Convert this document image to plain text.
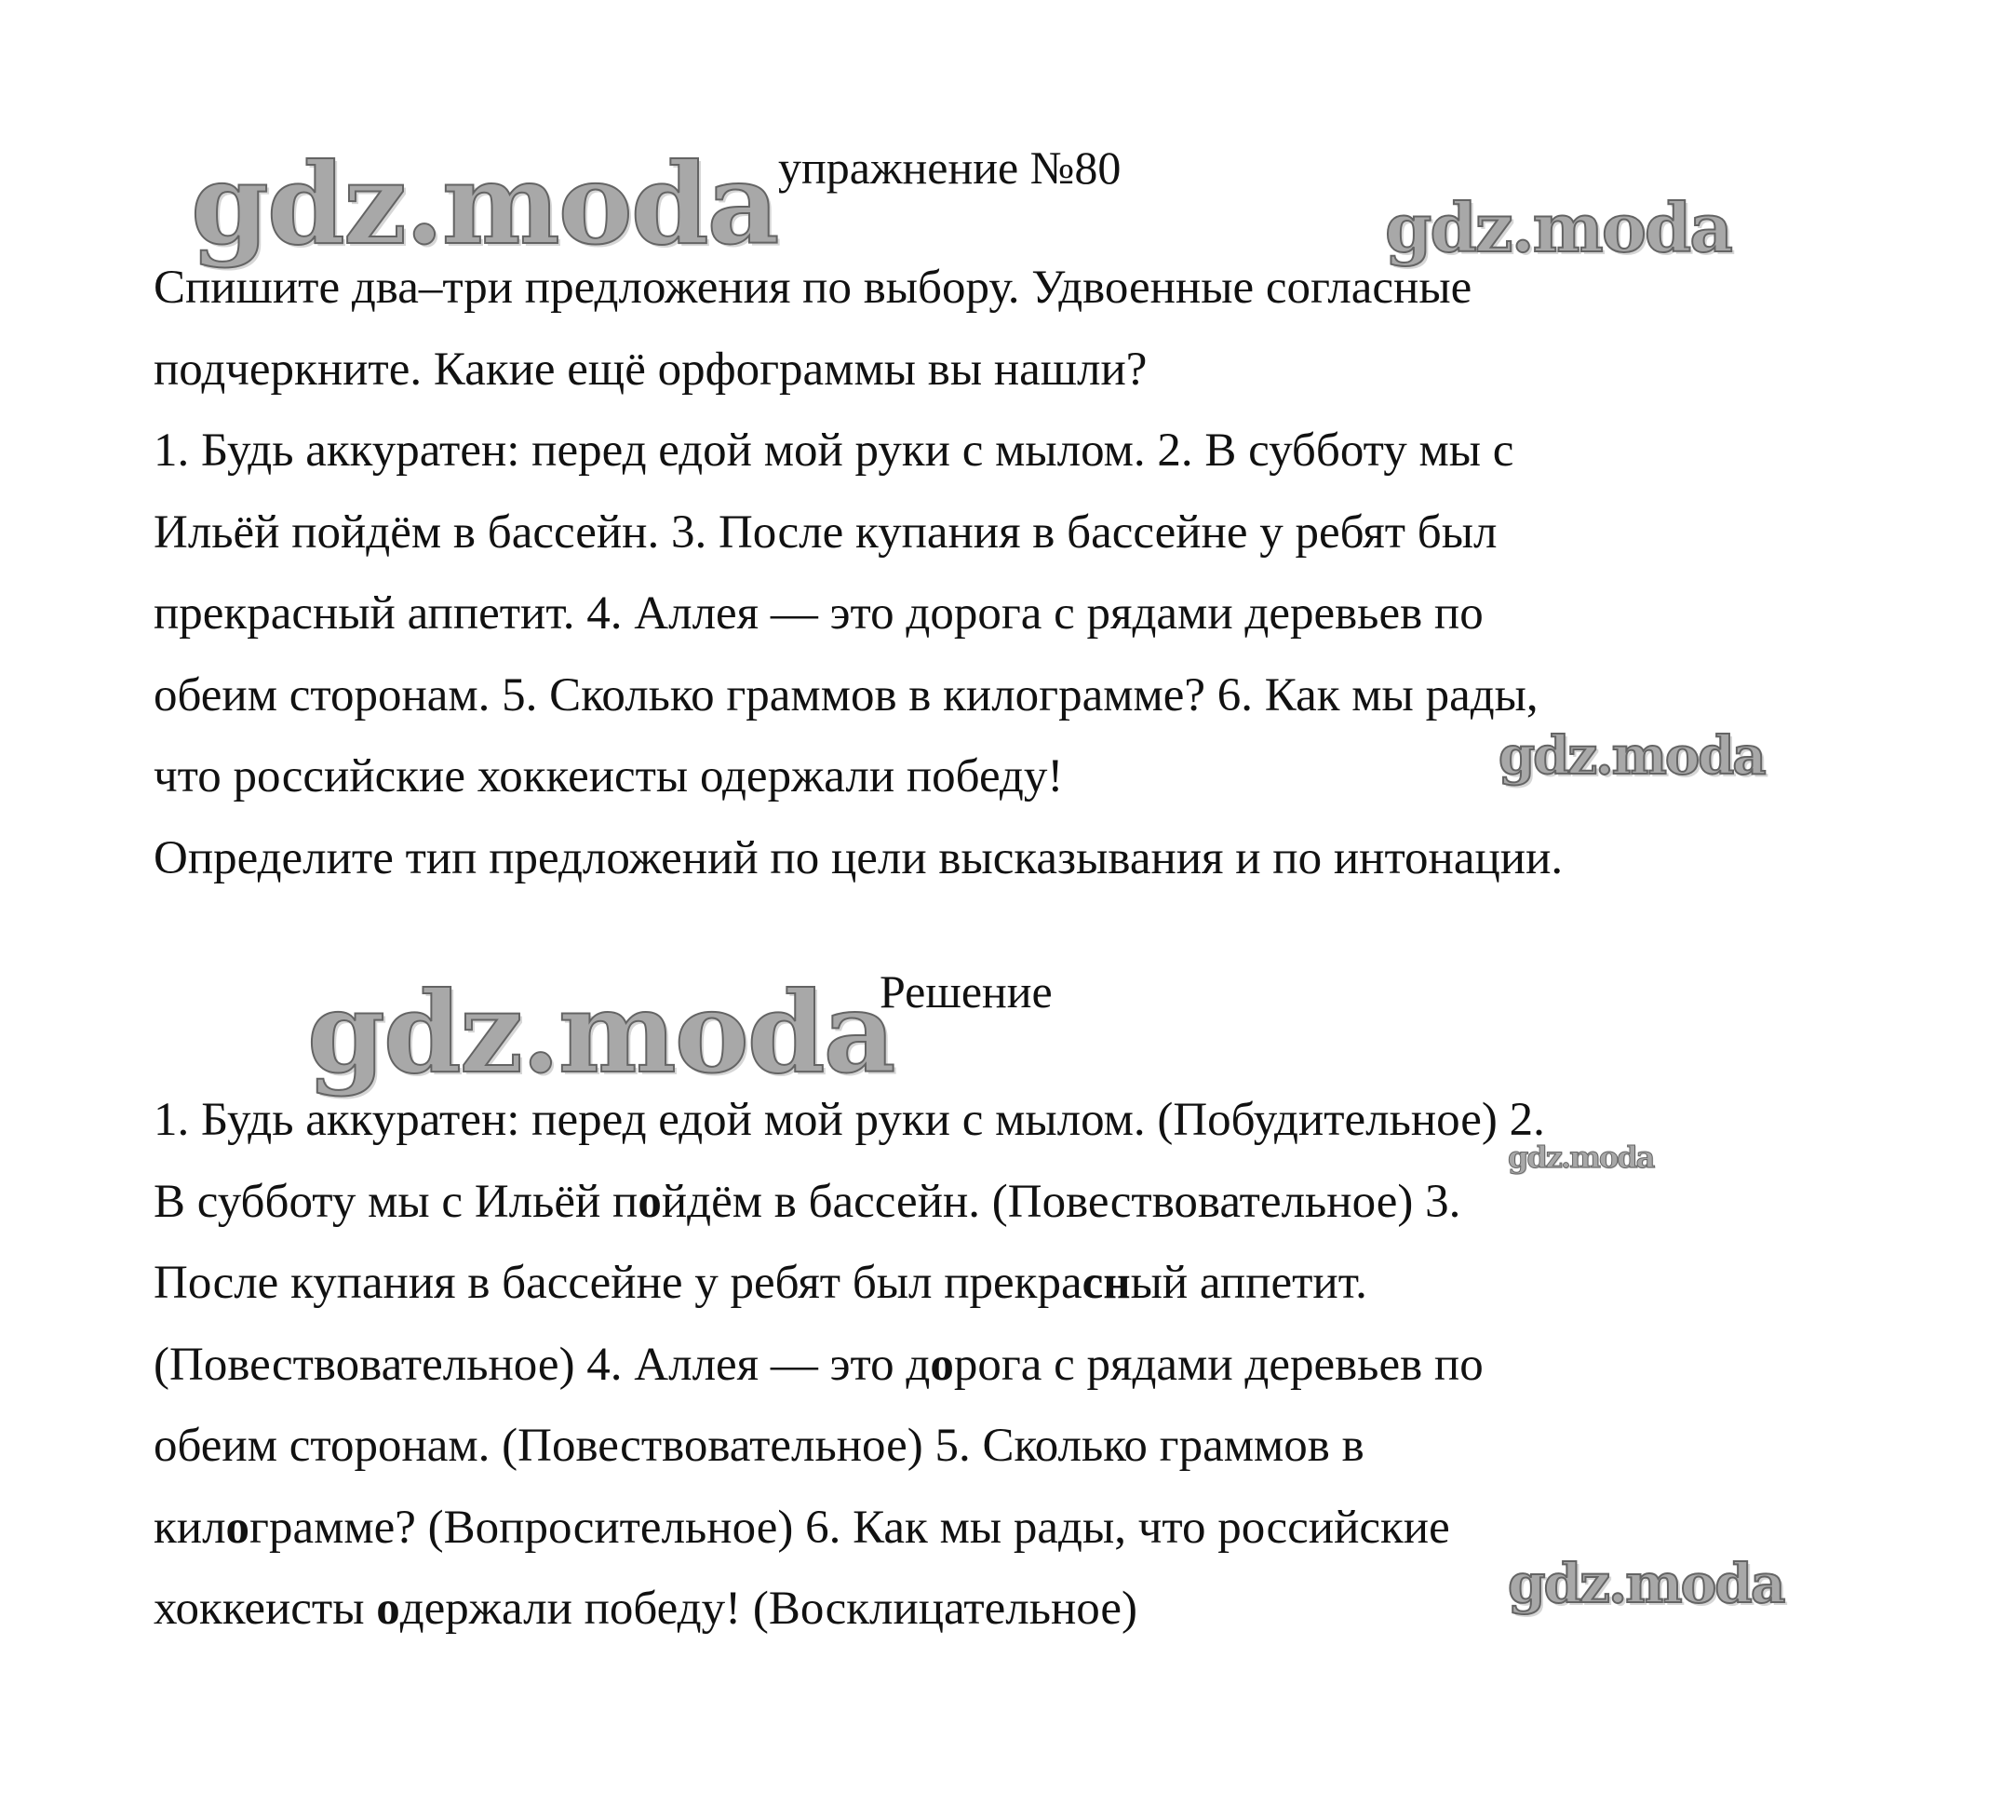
gdz.moda	gdz.moda
gdz.moda
gdz.moda
gdz.moda
gdz.moda
упражнение №80
Спишите два–три предложения по выбору. Удвоенные согласные
подчеркните. Какие ещё орфограммы вы нашли?
1. Будь аккуратен: перед едой мой руки с мылом. 2. В субботу мы с
Ильёй пойдём в бассейн. 3. После купания в бассейне у ребят был
прекрасный аппетит. 4. Аллея — это дорога с рядами деревьев по
обеим сторонам. 5. Сколько граммов в килограмме? 6. Как мы рады,
что российские хоккеисты одержали победу!
Определите тип предложений по цели высказывания и по интонации.
Решение
1. Будь аккуратен: перед едой мой руки с мылом. (Побудительное) 2.
В субботу мы с Ильёй пойдём в бассейн. (Повествовательное) 3.
После купания в бассейне у ребят был прекрасный аппетит.
(Повествовательное) 4. Аллея — это дорога с рядами деревьев по
обеим сторонам. (Повествовательное) 5. Сколько граммов в
килограмме? (Вопросительное) 6. Как мы рады, что российские
хоккеисты одержали победу! (Восклицательное)
